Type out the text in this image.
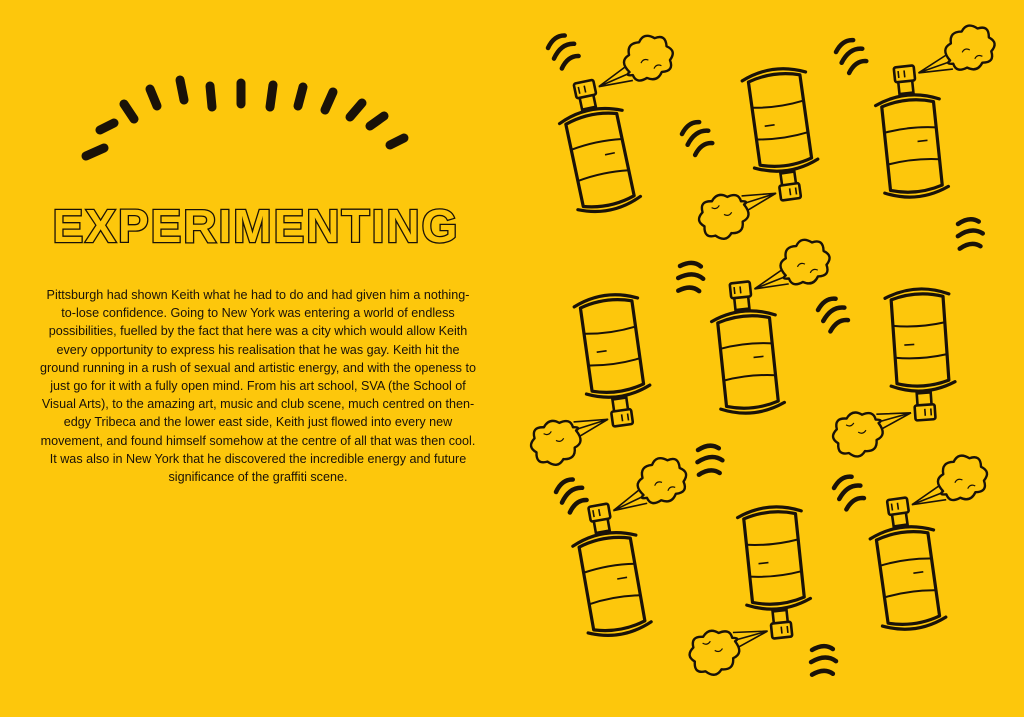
EXPERIMENTING

Pittsburgh had shown Keith what he had to do and had given him a nothing-to-lose confidence. Going to New York was entering a world of endless possibilities, fuelled by the fact that here was a city which would allow Keith every opportunity to express his realisation that he was gay. Keith hit the ground running in a rush of sexual and artistic energy, and with the openess to just go for it with a fully open mind. From his art school, SVA (the School of Visual Arts), to the amazing art, music and club scene, much centred on then-edgy Tribeca and the lower east side, Keith just flowed into every new movement, and found himself somehow at the centre of all that was then cool. It was also in New York that he discovered the incredible energy and future significance of the graffiti scene.
